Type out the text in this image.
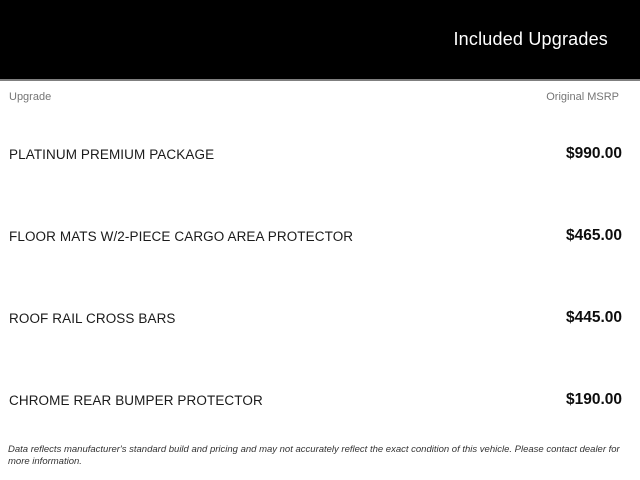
Included Upgrades
Upgrade	Original MSRP
PLATINUM PREMIUM PACKAGE	$990.00
FLOOR MATS W/2-PIECE CARGO AREA PROTECTOR	$465.00
ROOF RAIL CROSS BARS	$445.00
CHROME REAR BUMPER PROTECTOR	$190.00
Data reflects manufacturer's standard build and pricing and may not accurately reflect the exact condition of this vehicle. Please contact dealer for more information.
